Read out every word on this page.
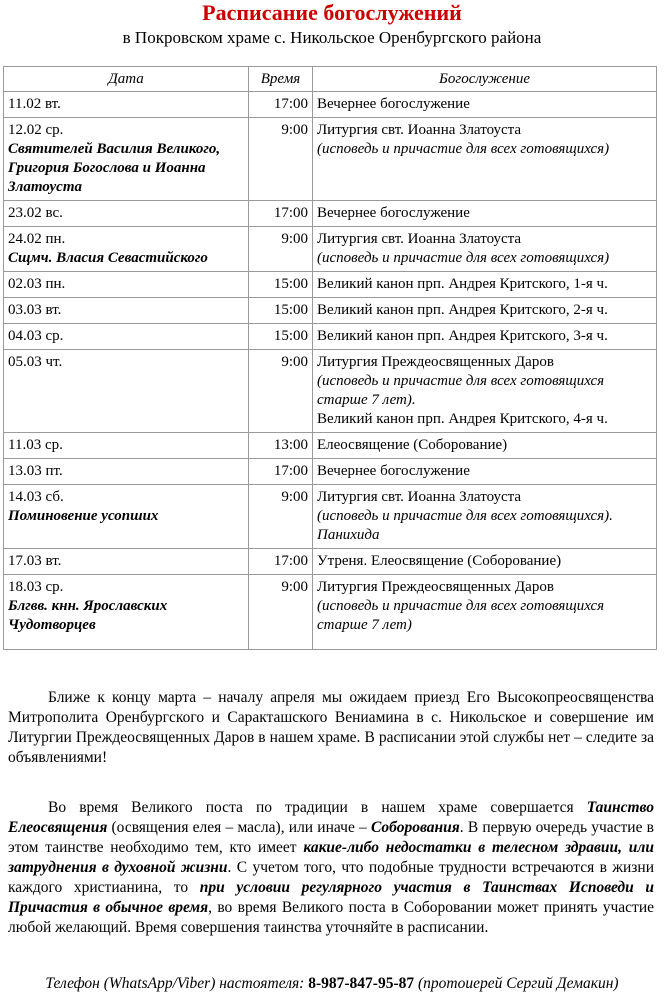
Расписание богослужений
в Покровском храме с. Никольское Оренбургского района
Дата	Время	Богослужение

11.02 вт.	17:00	Вечернее богослужение

12.02 ср.
Святителей Василия Великого, Григория Богослова и Иоанна Златоуста	9:00	Литургия свт. Иоанна Златоуста
(исповедь и причастие для всех готовящихся)

23.02 вс.	17:00	Вечернее богослужение

24.02 пн.
Сщмч. Власия Севастийского	9:00	Литургия свт. Иоанна Златоуста
(исповедь и причастие для всех готовящихся)

02.03 пн.	15:00	Великий канон прп. Андрея Критского, 1-я ч.

03.03 вт.	15:00	Великий канон прп. Андрея Критского, 2-я ч.

04.03 ср.	15:00	Великий канон прп. Андрея Критского, 3-я ч.

05.03 чт.	9:00	Литургия Преждеосвященных Даров
(исповедь и причастие для всех готовящихся старше 7 лет).
Великий канон прп. Андрея Критского, 4-я ч.

11.03 ср.	13:00	Елеосвящение (Соборование)

13.03 пт.	17:00	Вечернее богослужение

14.03 сб.
Поминовение усопших	9:00	Литургия свт. Иоанна Златоуста
(исповедь и причастие для всех готовящихся).
Панихида

17.03 вт.	17:00	Утреня. Елеосвящение (Соборование)

18.03 ср.
Блгвв. кнн. Ярославских Чудотворцев	9:00	Литургия Преждеосвященных Даров
(исповедь и причастие для всех готовящихся старше 7 лет)
Ближе к концу марта – началу апреля мы ожидаем приезд Его Высокопреосвященства Митрополита Оренбургского и Саракташского Вениамина в с. Никольское и совершение им Литургии Преждеосвященных Даров в нашем храме. В расписании этой службы нет – следите за объявлениями!
Во время Великого поста по традиции в нашем храме совершается Таинство Елеосвящения (освящения елея – масла), или иначе – Соборования. В первую очередь участие в этом таинстве необходимо тем, кто имеет какие-либо недостатки в телесном здравии, или затруднения в духовной жизни. С учетом того, что подобные трудности встречаются в жизни каждого христианина, то при условии регулярного участия в Таинствах Исповеди и Причастия в обычное время, во время Великого поста в Соборовании может принять участие любой желающий. Время совершения таинства уточняйте в расписании.
Телефон (WhatsApp/Viber) настоятеля: 8-987-847-95-87 (протоиерей Сергий Демакин)
